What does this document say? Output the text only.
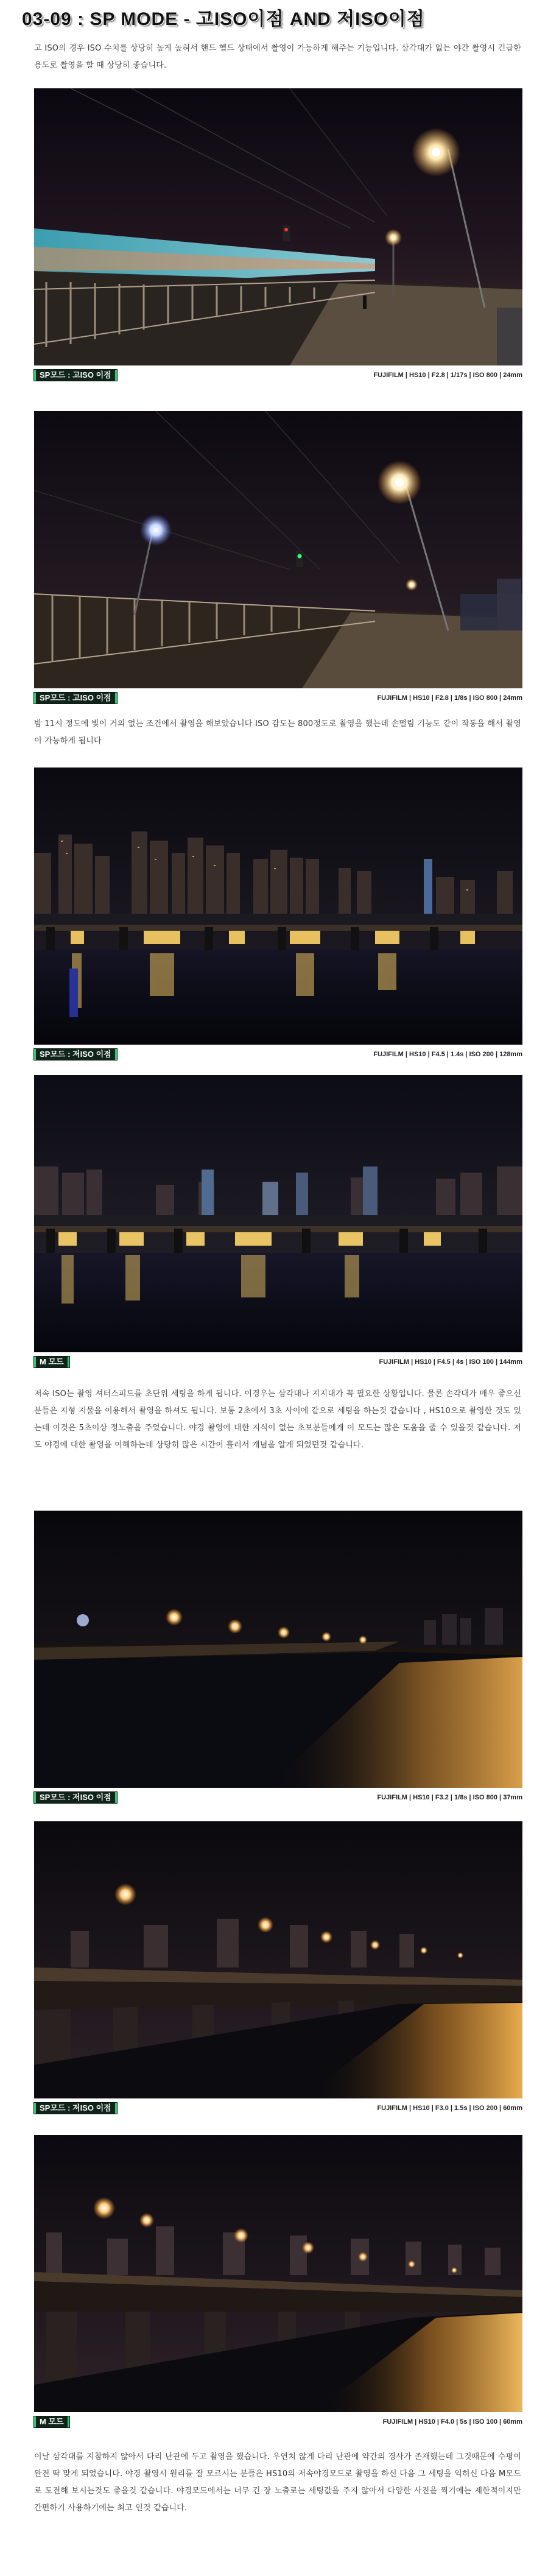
03-09 : SP MODE - 고ISO이점 AND 저ISO이점

고 ISO의 경우 ISO 수치를 상당히 높게 높혀서 핸드 헬드 상태에서 촬영이 가능하게 해주는 기능입니다. 삼각대가 없는 야간 촬영시 긴급한 용도로 촬영을 할 때 상당히 좋습니다.

SP모드 : 고ISO 이점	FUJIFILM | HS10 | F2.8 | 1/17s | ISO 800 | 24mm
SP모드 : 고ISO 이점	FUJIFILM | HS10 | F2.8 | 1/8s | ISO 800 | 24mm

밤 11시 정도에 빛이 거의 없는 조건에서 촬영을 해보았습니다 ISO 감도는 800정도로 촬영을 했는데 손떨림 기능도 같이 작동을 해서 촬영이 가능하게 됩니다

SP모드 : 저ISO 이점	FUJIFILM | HS10 | F4.5 | 1.4s | ISO 200 | 128mm
M 모드	FUJIFILM | HS10 | F4.5 | 4s | ISO 100 | 144mm

저속 ISO는 촬영 셔터스피드를 초단위 세팅을 하게 됩니다. 이경우는 삼각대나 지지대가 꼭 필요한 상황입니다. 물론 손각대가 매우 좋으신 분들은 지형 지물을 이용해서 촬영을 하셔도 됩니다. 보통 2초에서 3초 사이에 같으로 세팅을 하는것 같습니다 , HS10으로 촬영한 것도 있는데 이것은 5초이상 정노출을 주었습니다. 야경 촬영에 대한 지식이 없는 초보분들에게 이 모드는 많은 도움을 줄 수 있을것 같습니다. 저도 야경에 대한 촬영을 이해하는데 상당히 많은 시간이 흘러서 개념을 알게 되었던것 같습니다.

SP모드 : 저ISO 이점	FUJIFILM | HS10 | F3.2 | 1/8s | ISO 800 | 37mm
SP모드 : 저ISO 이점	FUJIFILM | HS10 | F3.0 | 1.5s | ISO 200 | 60mm
M 모드	FUJIFILM | HS10 | F4.0 | 5s | ISO 100 | 60mm

이날 삼각대를 지참하지 않아서 다리 난관에 두고 촬영을 했습니다. 우연치 않게 다리 난관에 약간의 경사가 존재했는데 그것때문에 수평이 완전 딱 맞게 되었습니다. 야경 촬영시 원리를 잘 모르시는 분들은 HS10의 저속야경모드로 촬영을 하신 다음 그 세팅을 익히신 다음 M모드로 도전해 보시는것도 좋을것 같습니다. 야경모드에서는 너무 긴 장 노출로는 세팅값을 주지 않아서 다양한 사진을 찍기에는 제한적이지만 간편하기 사용하기에는 최고 인것 같습니다.
